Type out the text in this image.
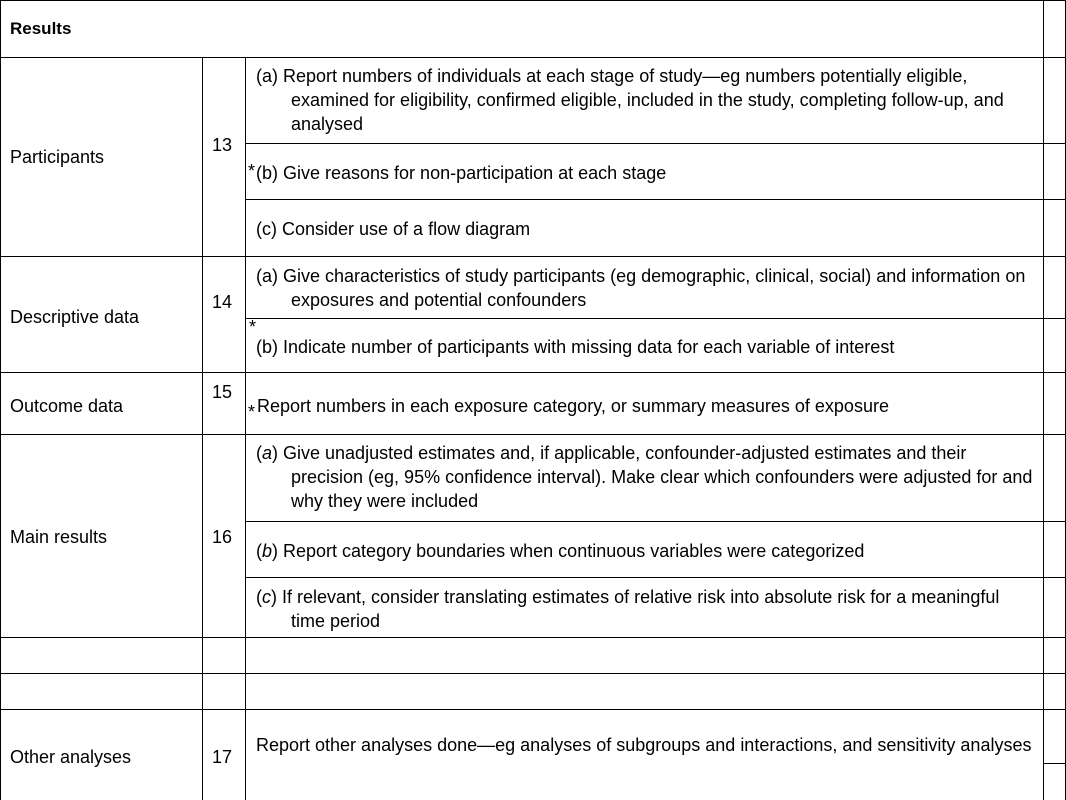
Results
Participants
13
(a) Report numbers of individuals at each stage of study—eg numbers potentially eligible, examined for eligibility, confirmed eligible, included in the study, completing follow-up, and analysed
* (b) Give reasons for non-participation at each stage
(c) Consider use of a flow diagram
Descriptive data
14
(a) Give characteristics of study participants (eg demographic, clinical, social) and information on exposures and potential confounders
*
(b) Indicate number of participants with missing data for each variable of interest
Outcome data
15
* Report numbers in each exposure category, or summary measures of exposure
Main results	16
(a) Give unadjusted estimates and, if applicable, confounder-adjusted estimates and their precision (eg, 95% confidence interval). Make clear which confounders were adjusted for and why they were included
(b) Report category boundaries when continuous variables were categorized
(c) If relevant, consider translating estimates of relative risk into absolute risk for a meaningful time period
Other analyses	17
Report other analyses done—eg analyses of subgroups and interactions, and sensitivity analyses
